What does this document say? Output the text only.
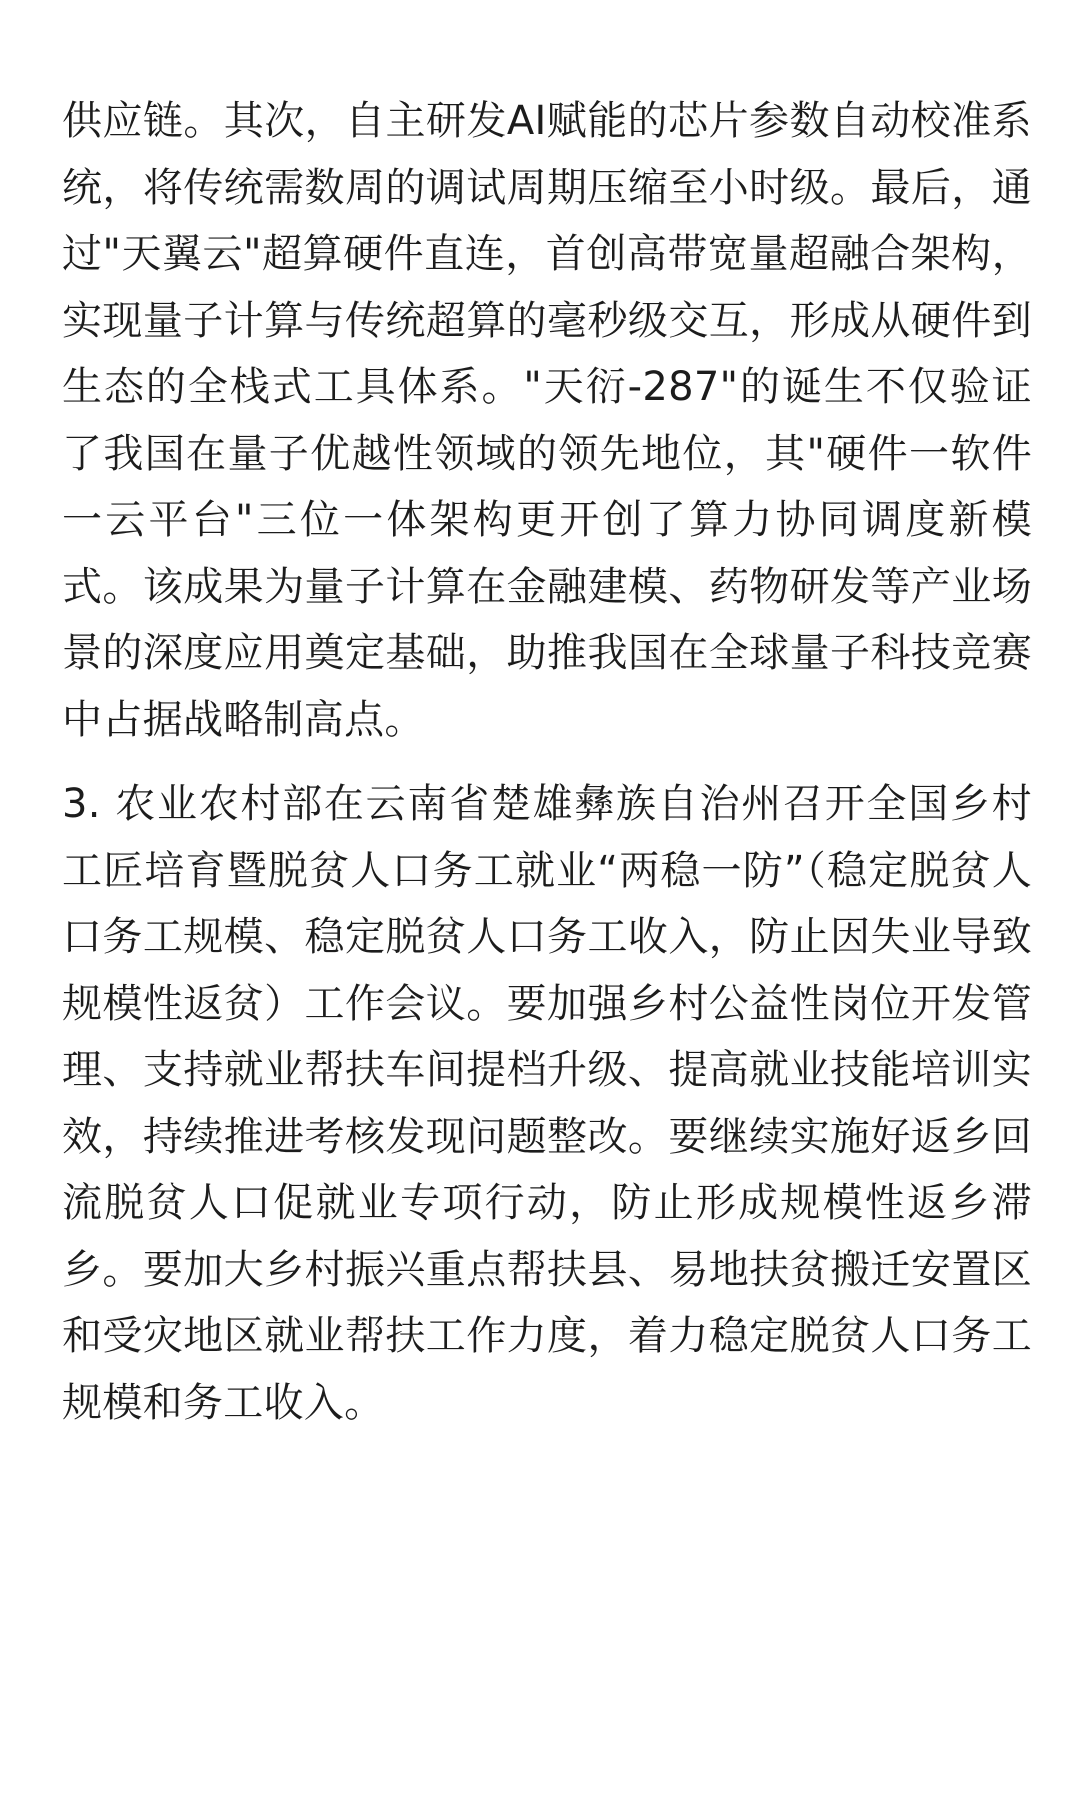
供应链。其次，自主研发AI赋能的芯片参数自动校准系统，将传统需数周的调试周期压缩至小时级。最后，通过"天翼云"超算硬件直连，首创高带宽量超融合架构，实现量子计算与传统超算的毫秒级交互，形成从硬件到生态的全栈式工具体系。"天衍-287"的诞生不仅验证了我国在量子优越性领域的领先地位，其"硬件一软件一云平台"三位一体架构更开创了算力协同调度新模式。该成果为量子计算在金融建模、药物研发等产业场景的深度应用奠定基础，助推我国在全球量子科技竞赛中占据战略制高点。

3. 农业农村部在云南省楚雄彝族自治州召开全国乡村工匠培育暨脱贫人口务工就业“两稳一防”（稳定脱贫人口务工规模、稳定脱贫人口务工收入，防止因失业导致规模性返贫）工作会议。要加强乡村公益性岗位开发管理、支持就业帮扶车间提档升级、提高就业技能培训实效，持续推进考核发现问题整改。要继续实施好返乡回流脱贫人口促就业专项行动，防止形成规模性返乡滞乡。要加大乡村振兴重点帮扶县、易地扶贫搬迁安置区和受灾地区就业帮扶工作力度，着力稳定脱贫人口务工规模和务工收入。
